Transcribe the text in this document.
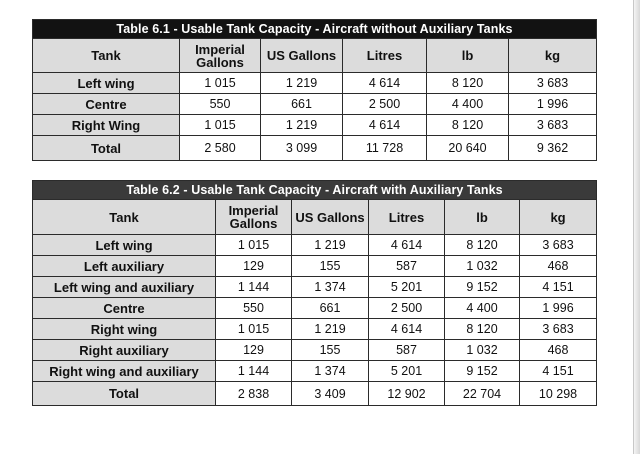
Table 6.1 - Usable Tank Capacity - Aircraft without Auxiliary Tanks					
Tank	Imperial Gallons	US Gallons	Litres	lb	kg
Left wing	1 015	1 219	4 614	8 120	3 683
Centre	550	661	2 500	4 400	1 996
Right Wing	1 015	1 219	4 614	8 120	3 683
Total	2 580	3 099	11 728	20 640	9 362
Table 6.2 - Usable Tank Capacity - Aircraft with Auxiliary Tanks					
Tank	Imperial Gallons	US Gallons	Litres	lb	kg
Left wing	1 015	1 219	4 614	8 120	3 683
Left auxiliary	129	155	587	1 032	468
Left wing and auxiliary	1 144	1 374	5 201	9 152	4 151
Centre	550	661	2 500	4 400	1 996
Right wing	1 015	1 219	4 614	8 120	3 683
Right auxiliary	129	155	587	1 032	468
Right wing and auxiliary	1 144	1 374	5 201	9 152	4 151
Total	2 838	3 409	12 902	22 704	10 298
